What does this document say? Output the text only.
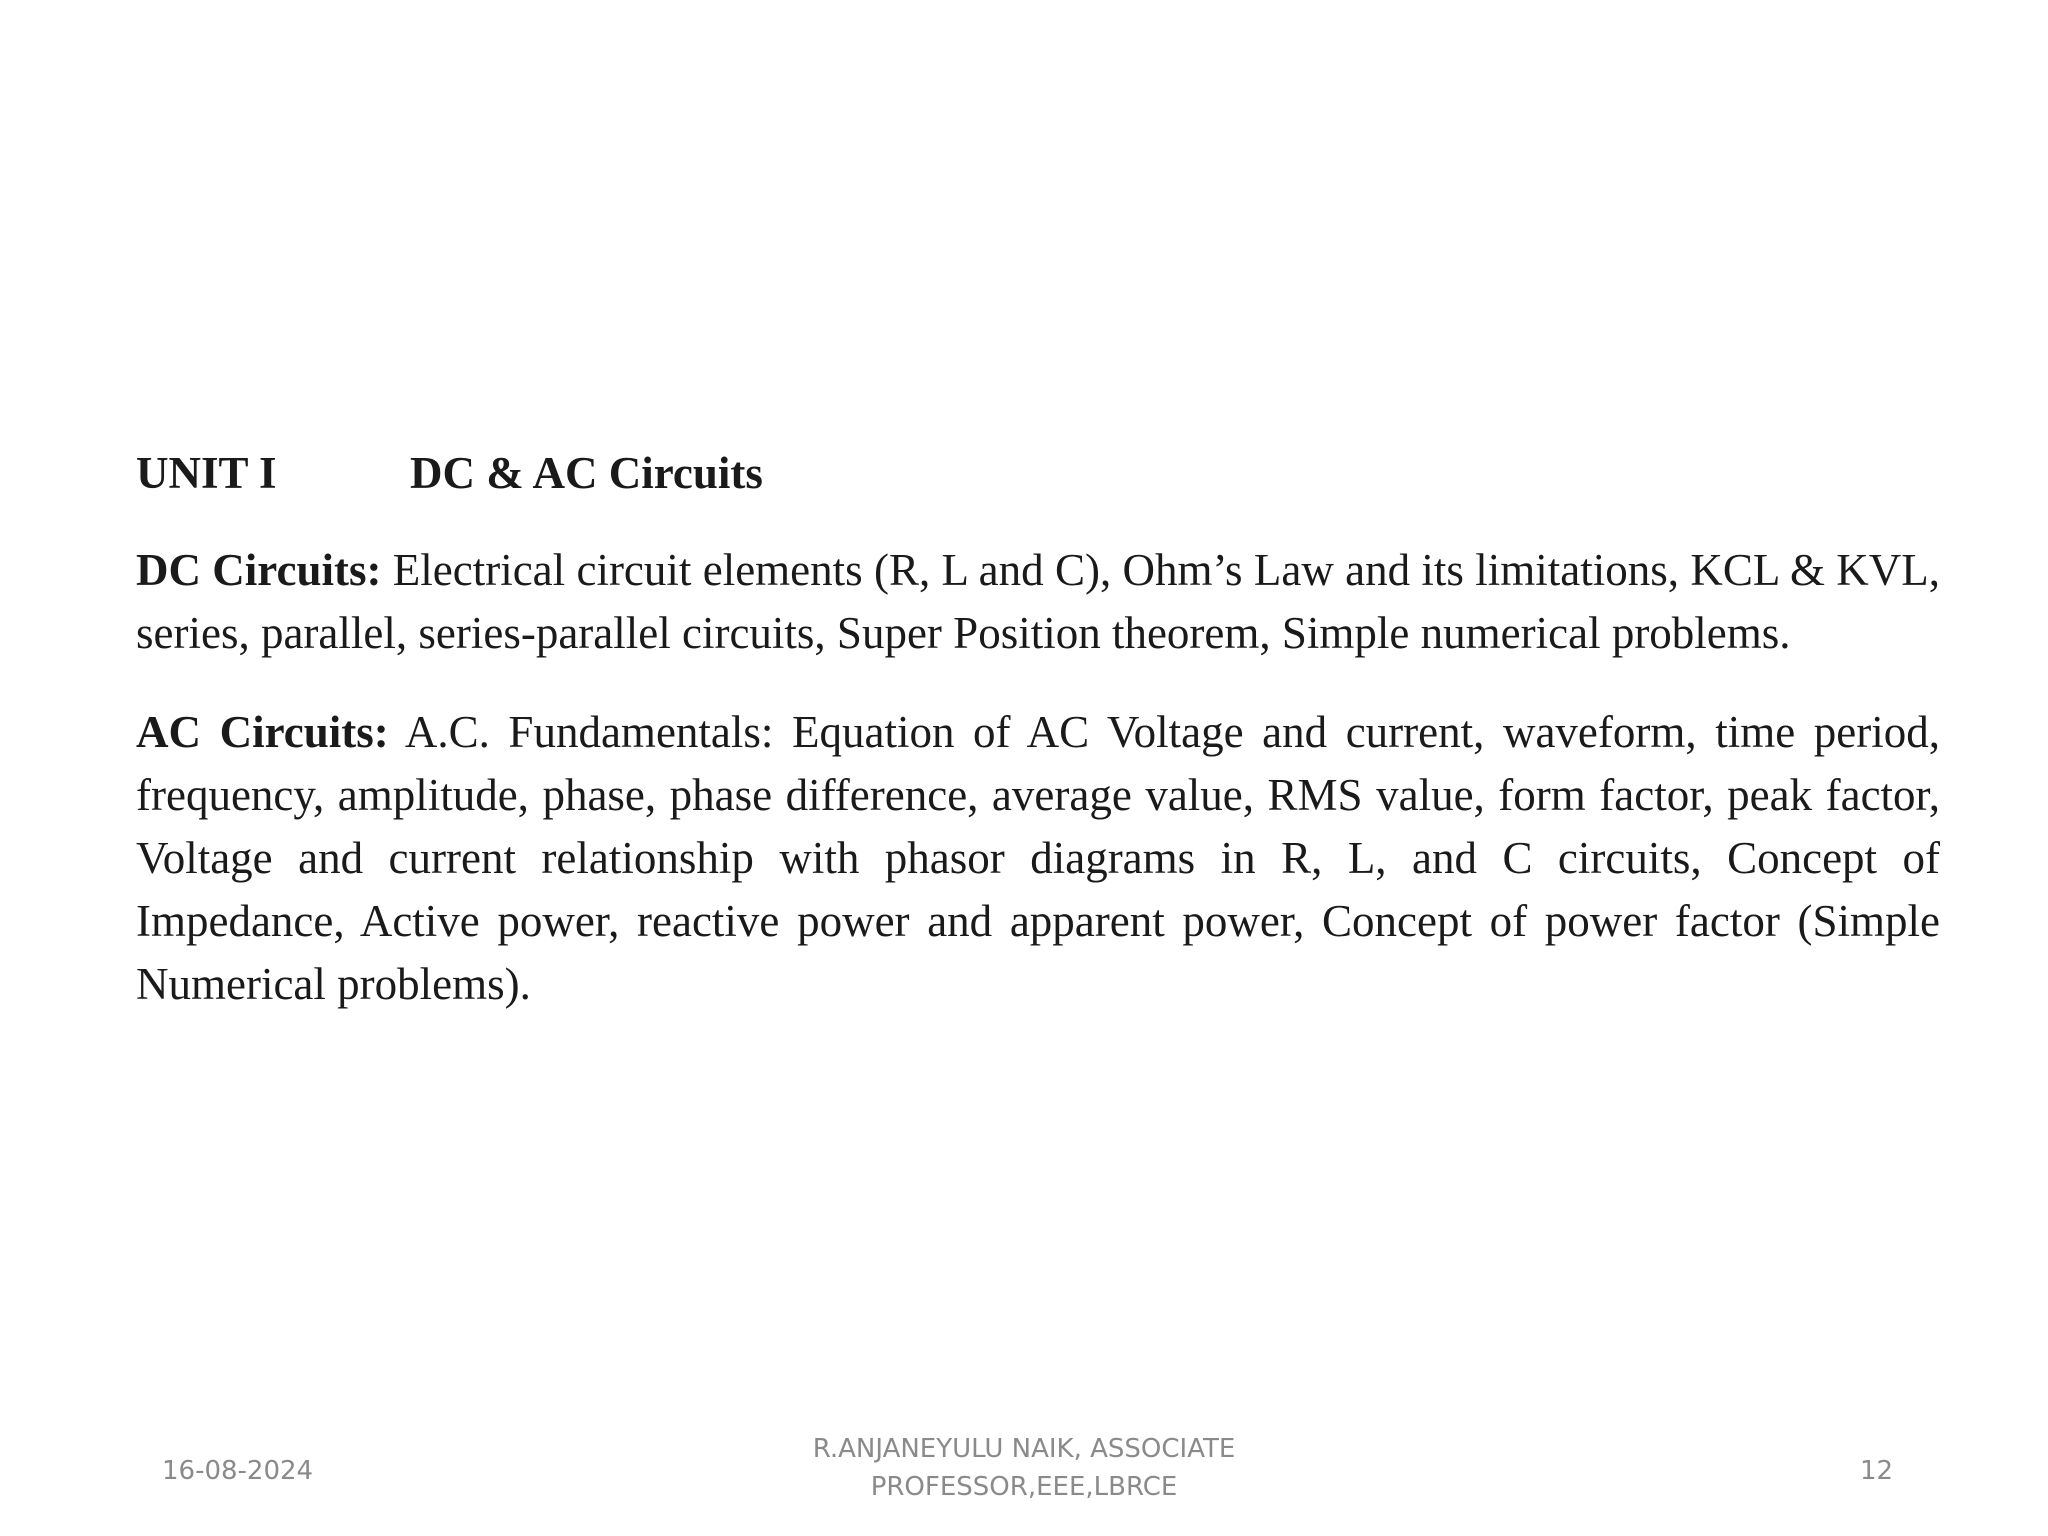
UNIT I	DC & AC Circuits

DC Circuits: Electrical circuit elements (R, L and C), Ohm’s Law and its limitations, KCL & KVL, series, parallel, series-parallel circuits, Super Position theorem, Simple numerical problems.

AC Circuits: A.C. Fundamentals: Equation of AC Voltage and current, waveform, time period, frequency, amplitude, phase, phase difference, average value, RMS value, form factor, peak factor, Voltage and current relationship with phasor diagrams in R, L, and C circuits, Concept of Impedance, Active power, reactive power and apparent power, Concept of power factor (Simple Numerical problems).

16-08-2024
R.ANJANEYULU NAIK, ASSOCIATE
PROFESSOR,EEE,LBRCE
12
